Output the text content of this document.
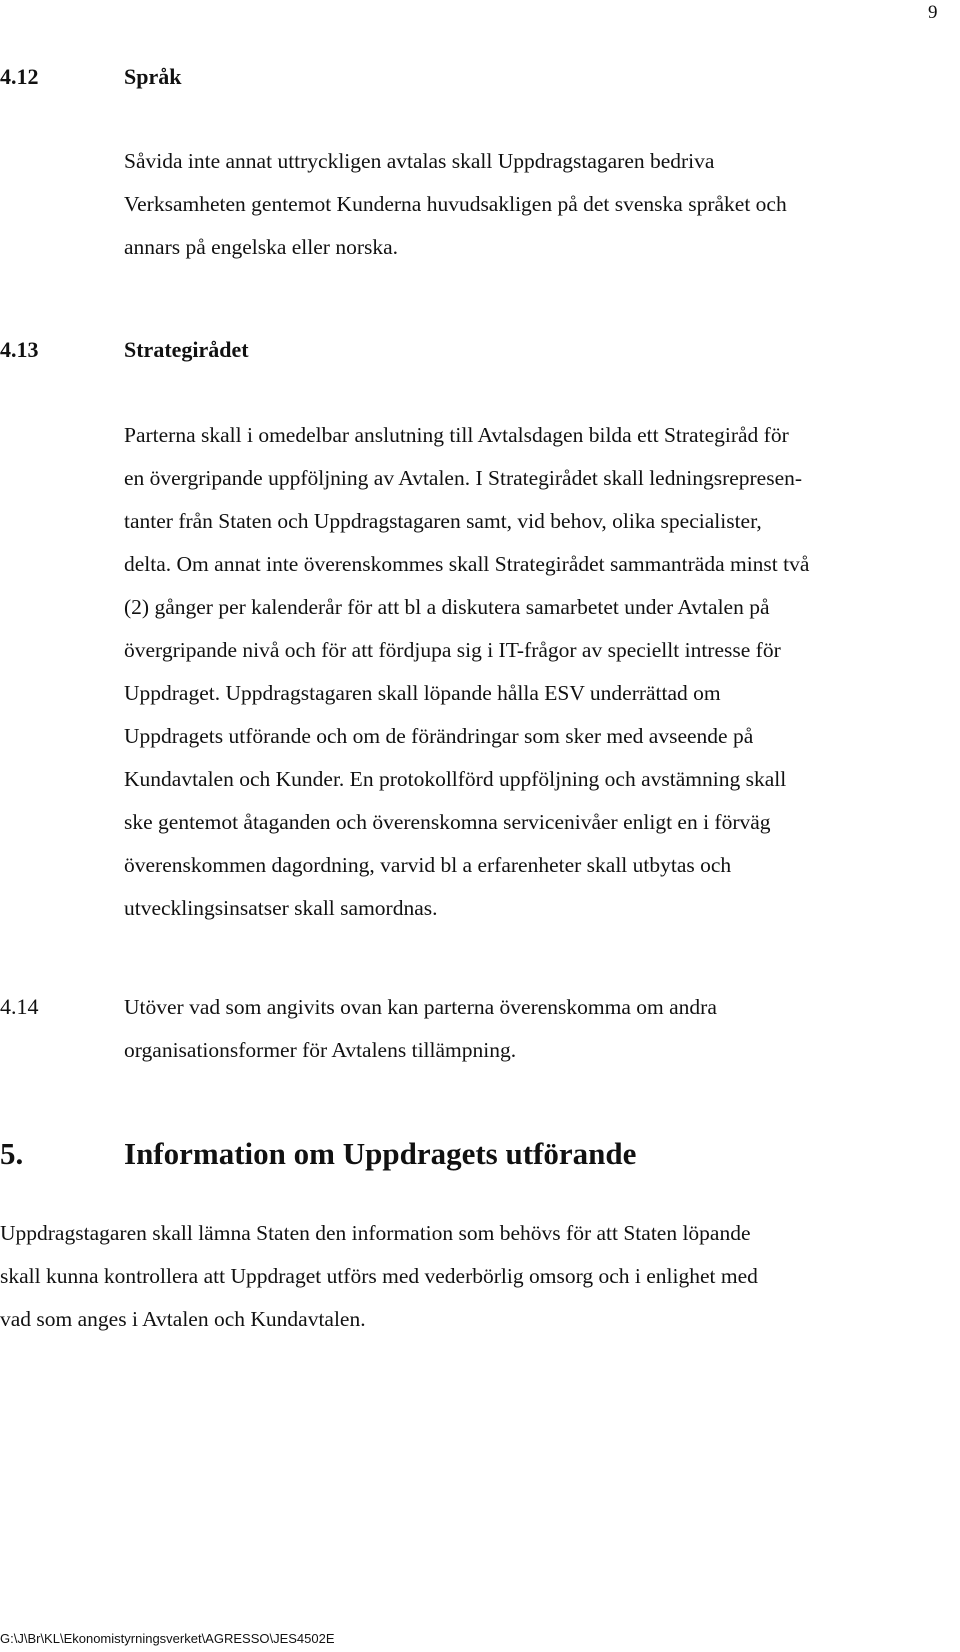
9
4.12	Språk

Såvida inte annat uttryckligen avtalas skall Uppdragstagaren bedriva
Verksamheten gentemot Kunderna huvudsakligen på det svenska språket och
annars på engelska eller norska.

4.13	Strategirådet

Parterna skall i omedelbar anslutning till Avtalsdagen bilda ett Strategiråd för
en övergripande uppföljning av Avtalen. I Strategirådet skall ledningsrepresen-
tanter från Staten och Uppdragstagaren samt, vid behov, olika specialister,
delta. Om annat inte överenskommes skall Strategirådet sammanträda minst två
(2) gånger per kalenderår för att bl a diskutera samarbetet under Avtalen på
övergripande nivå och för att fördjupa sig i IT-frågor av speciellt intresse för
Uppdraget. Uppdragstagaren skall löpande hålla ESV underrättad om
Uppdragets utförande och om de förändringar som sker med avseende på
Kundavtalen och Kunder. En protokollförd uppföljning och avstämning skall
ske gentemot åtaganden och överenskomna servicenivåer enligt en i förväg
överenskommen dagordning, varvid bl a erfarenheter skall utbytas och
utvecklingsinsatser skall samordnas.

4.14	Utöver vad som angivits ovan kan parterna överenskomma om andra
organisationsformer för Avtalens tillämpning.

5.	Information om Uppdragets utförande

Uppdragstagaren skall lämna Staten den information som behövs för att Staten löpande
skall kunna kontrollera att Uppdraget utförs med vederbörlig omsorg och i enlighet med
vad som anges i Avtalen och Kundavtalen.

G:\J\Br\KL\Ekonomistyrningsverket\AGRESSO\JES4502E
